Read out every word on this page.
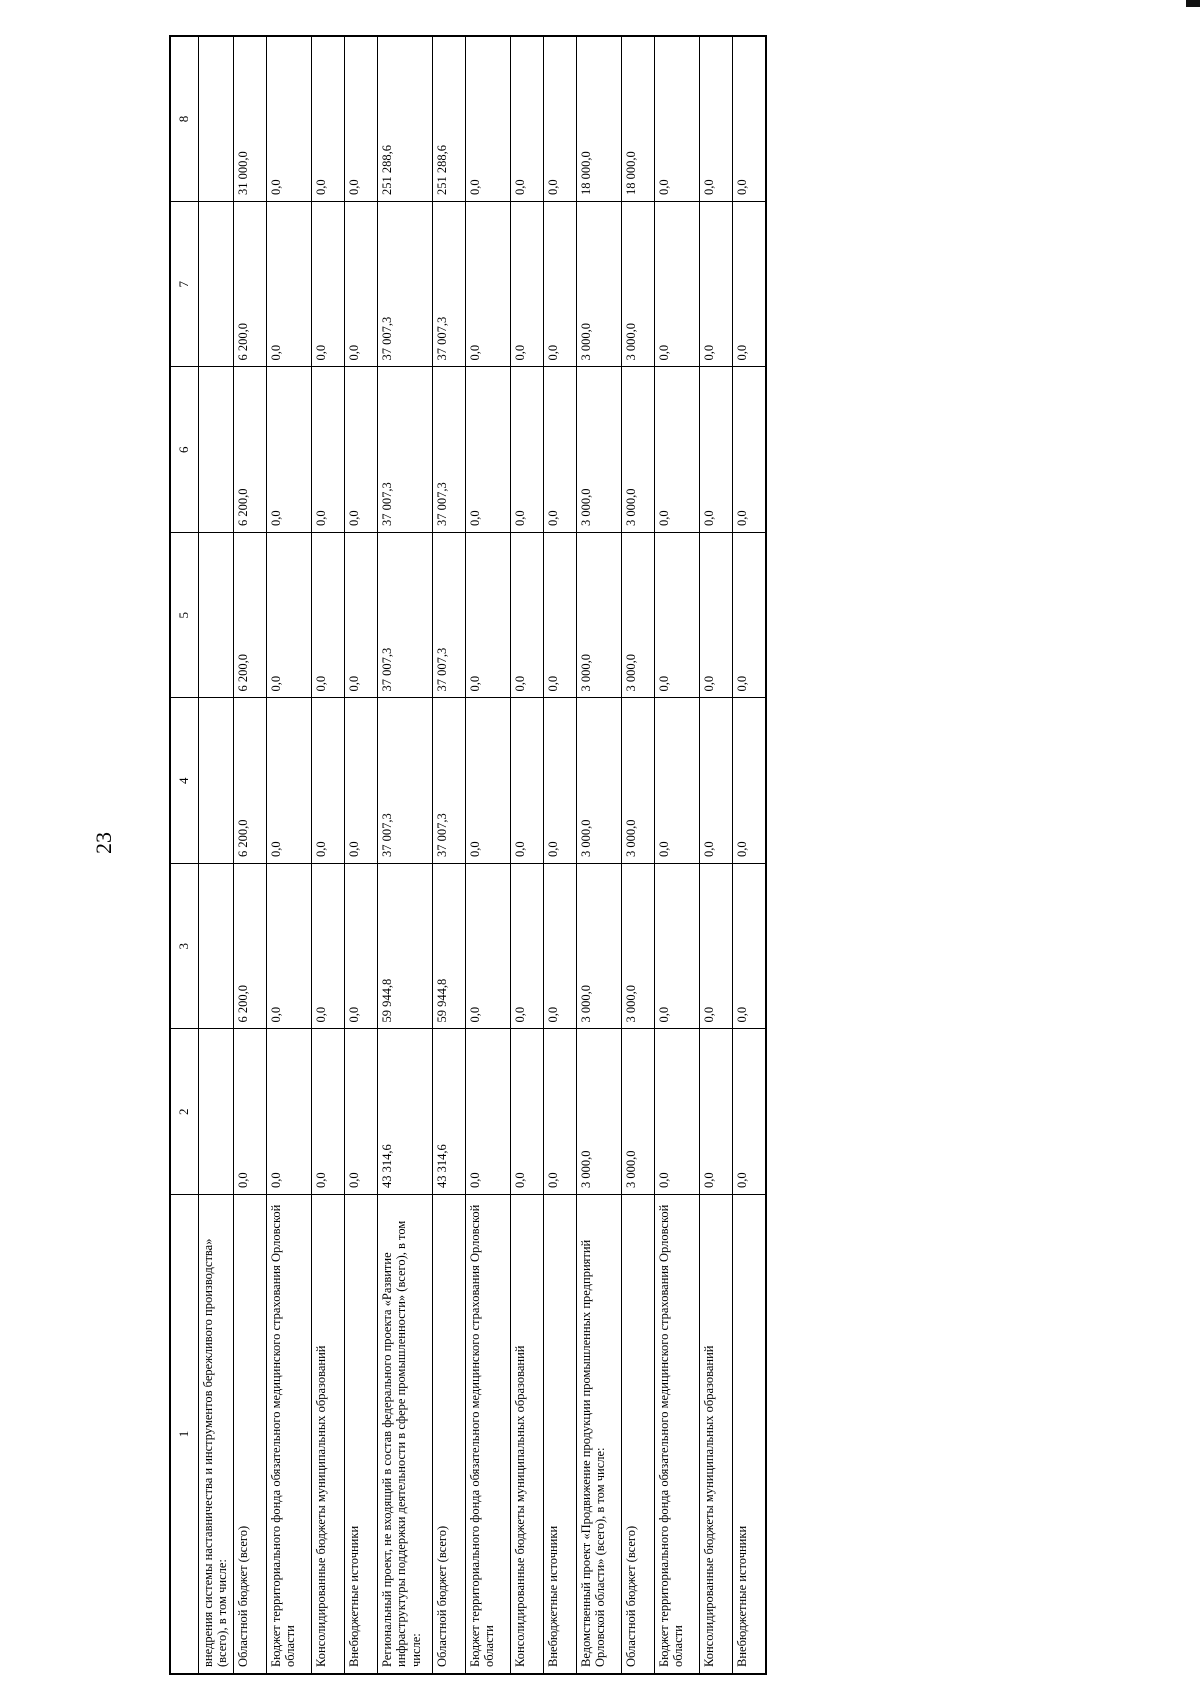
23
1	2	3	4	5	6	7	8
внедрения системы наставничества и инструментов бережливого производства» (всего), в том числе:							
Областной бюджет (всего)	0,0	6 200,0	6 200,0	6 200,0	6 200,0	6 200,0	31 000,0
Бюджет территориального фонда обязательного медицинского страхования Орловской области	0,0	0,0	0,0	0,0	0,0	0,0	0,0
Консолидированные бюджеты муниципальных образований	0,0	0,0	0,0	0,0	0,0	0,0	0,0
Внебюджетные источники	0,0	0,0	0,0	0,0	0,0	0,0	0,0
Региональный проект, не входящий в состав федерального проекта «Развитие инфраструктуры поддержки деятельности в сфере промышленности» (всего), в том числе:	43 314,6	59 944,8	37 007,3	37 007,3	37 007,3	37 007,3	251 288,6
Областной бюджет (всего)	43 314,6	59 944,8	37 007,3	37 007,3	37 007,3	37 007,3	251 288,6
Бюджет территориального фонда обязательного медицинского страхования Орловской области	0,0	0,0	0,0	0,0	0,0	0,0	0,0
Консолидированные бюджеты муниципальных образований	0,0	0,0	0,0	0,0	0,0	0,0	0,0
Внебюджетные источники	0,0	0,0	0,0	0,0	0,0	0,0	0,0
Ведомственный проект «Продвижение продукции промышленных предприятий Орловской области» (всего), в том числе:	3 000,0	3 000,0	3 000,0	3 000,0	3 000,0	3 000,0	18 000,0
Областной бюджет (всего)	3 000,0	3 000,0	3 000,0	3 000,0	3 000,0	3 000,0	18 000,0
Бюджет территориального фонда обязательного медицинского страхования Орловской области	0,0	0,0	0,0	0,0	0,0	0,0	0,0
Консолидированные бюджеты муниципальных образований	0,0	0,0	0,0	0,0	0,0	0,0	0,0
Внебюджетные источники	0,0	0,0	0,0	0,0	0,0	0,0	0,0
